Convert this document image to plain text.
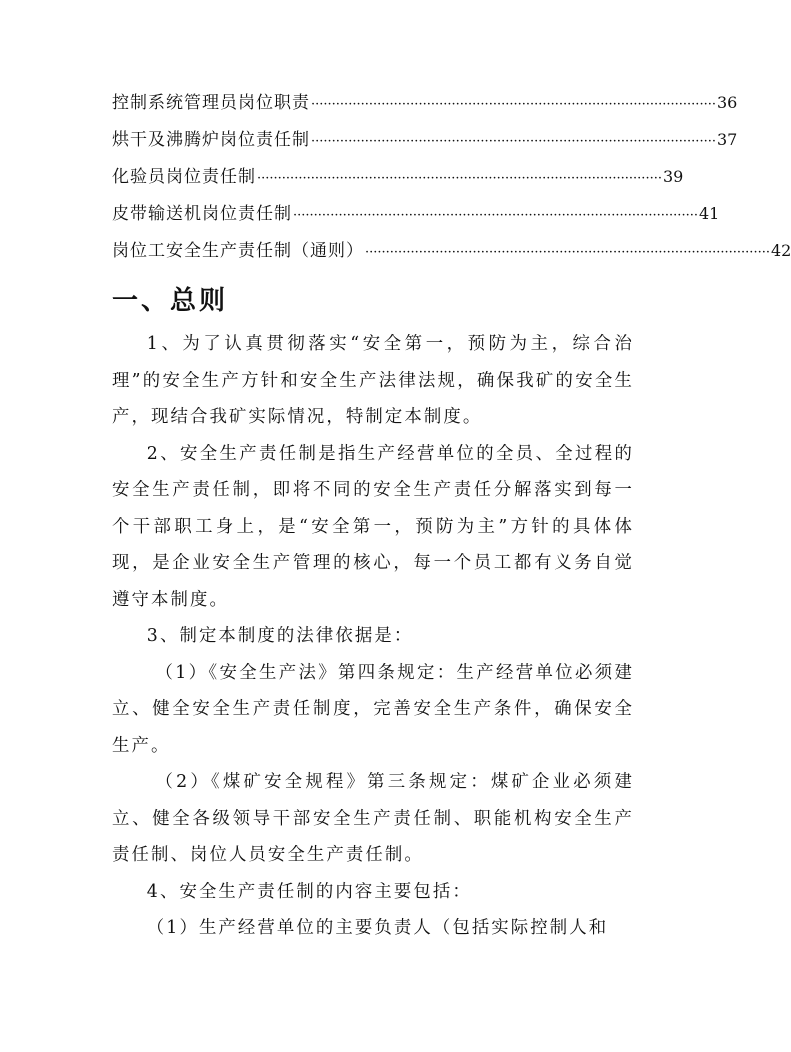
控制系统管理员岗位职责 ·································································································· 36
烘干及沸腾炉岗位责任制 ·································································································· 37
化验员岗位责任制 ·································································································· 39
皮带输送机岗位责任制 ·································································································· 41
岗位工安全生产责任制（通则） ·································································································· 42
一、总则

1、为了认真贯彻落实“安全第一，预防为主，综合治理”的安全生产方针和安全生产法律法规，确保我矿的安全生产，现结合我矿实际情况，特制定本制度。

2、安全生产责任制是指生产经营单位的全员、全过程的安全生产责任制，即将不同的安全生产责任分解落实到每一个干部职工身上，是“安全第一，预防为主”方针的具体体现，是企业安全生产管理的核心，每一个员工都有义务自觉遵守本制度。

3、制定本制度的法律依据是：

（1）《安全生产法》第四条规定：生产经营单位必须建立、健全安全生产责任制度，完善安全生产条件，确保安全生产。

（2）《煤矿安全规程》第三条规定：煤矿企业必须建立、健全各级领导干部安全生产责任制、职能机构安全生产责任制、岗位人员安全生产责任制。

4、安全生产责任制的内容主要包括：

（1）生产经营单位的主要负责人（包括实际控制人和
